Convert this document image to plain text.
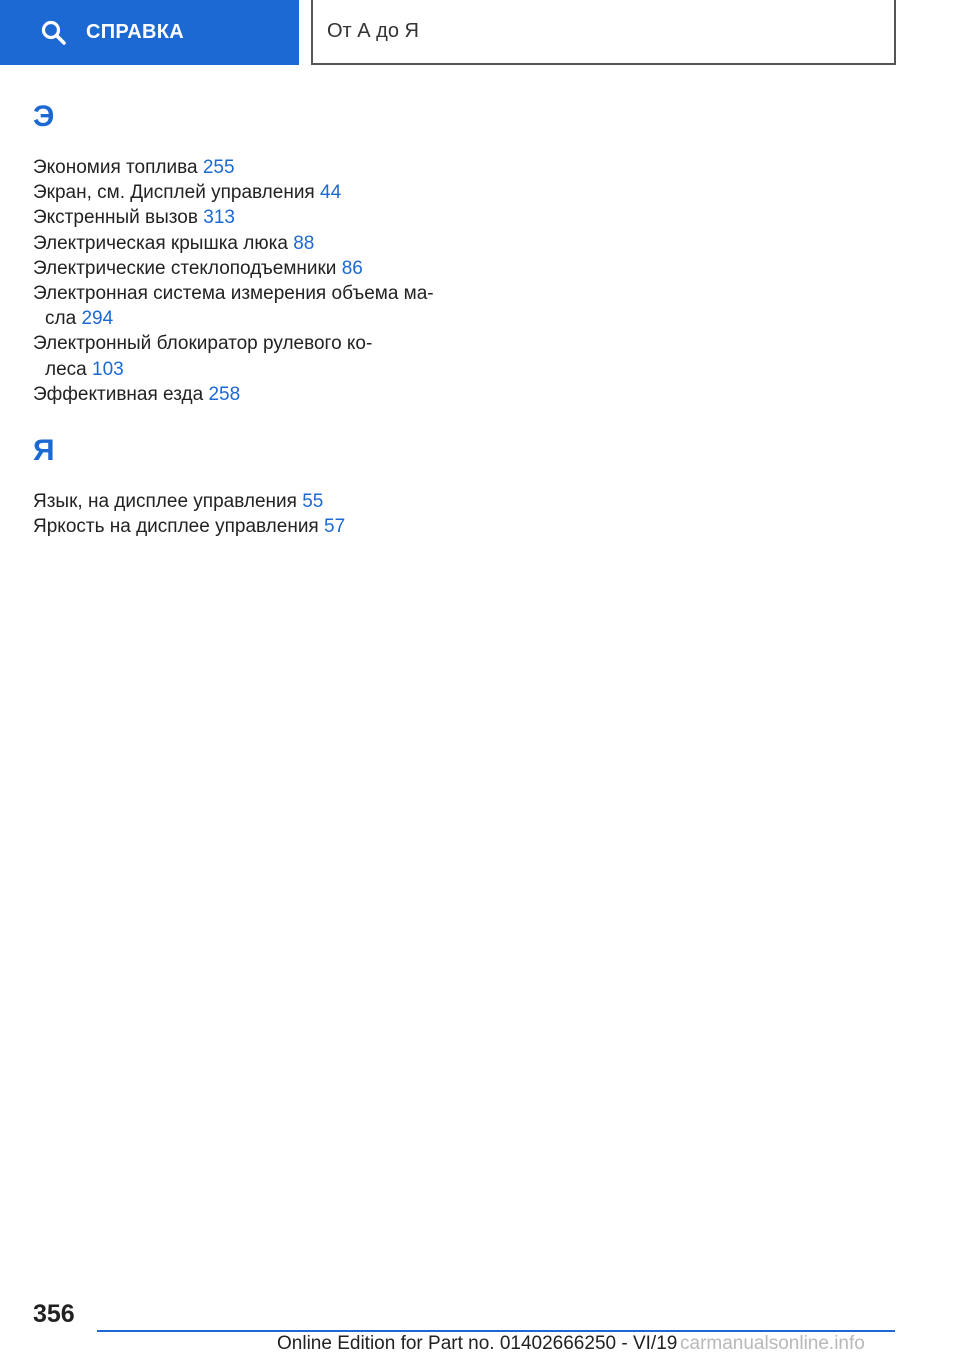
СПРАВКА	От А до Я
Э
Экономия топлива 255
Экран, см. Дисплей управления 44
Экстренный вызов 313
Электрическая крышка люка 88
Электрические стеклоподъемники 86
Электронная система измерения объема ма-
сла 294
Электронный блокиратор рулевого ко-
леса 103
Эффективная езда 258
Я
Язык, на дисплее управления 55
Яркость на дисплее управления 57
356
Online Edition for Part no. 01402666250 - VI/19 carmanualsonline.info
